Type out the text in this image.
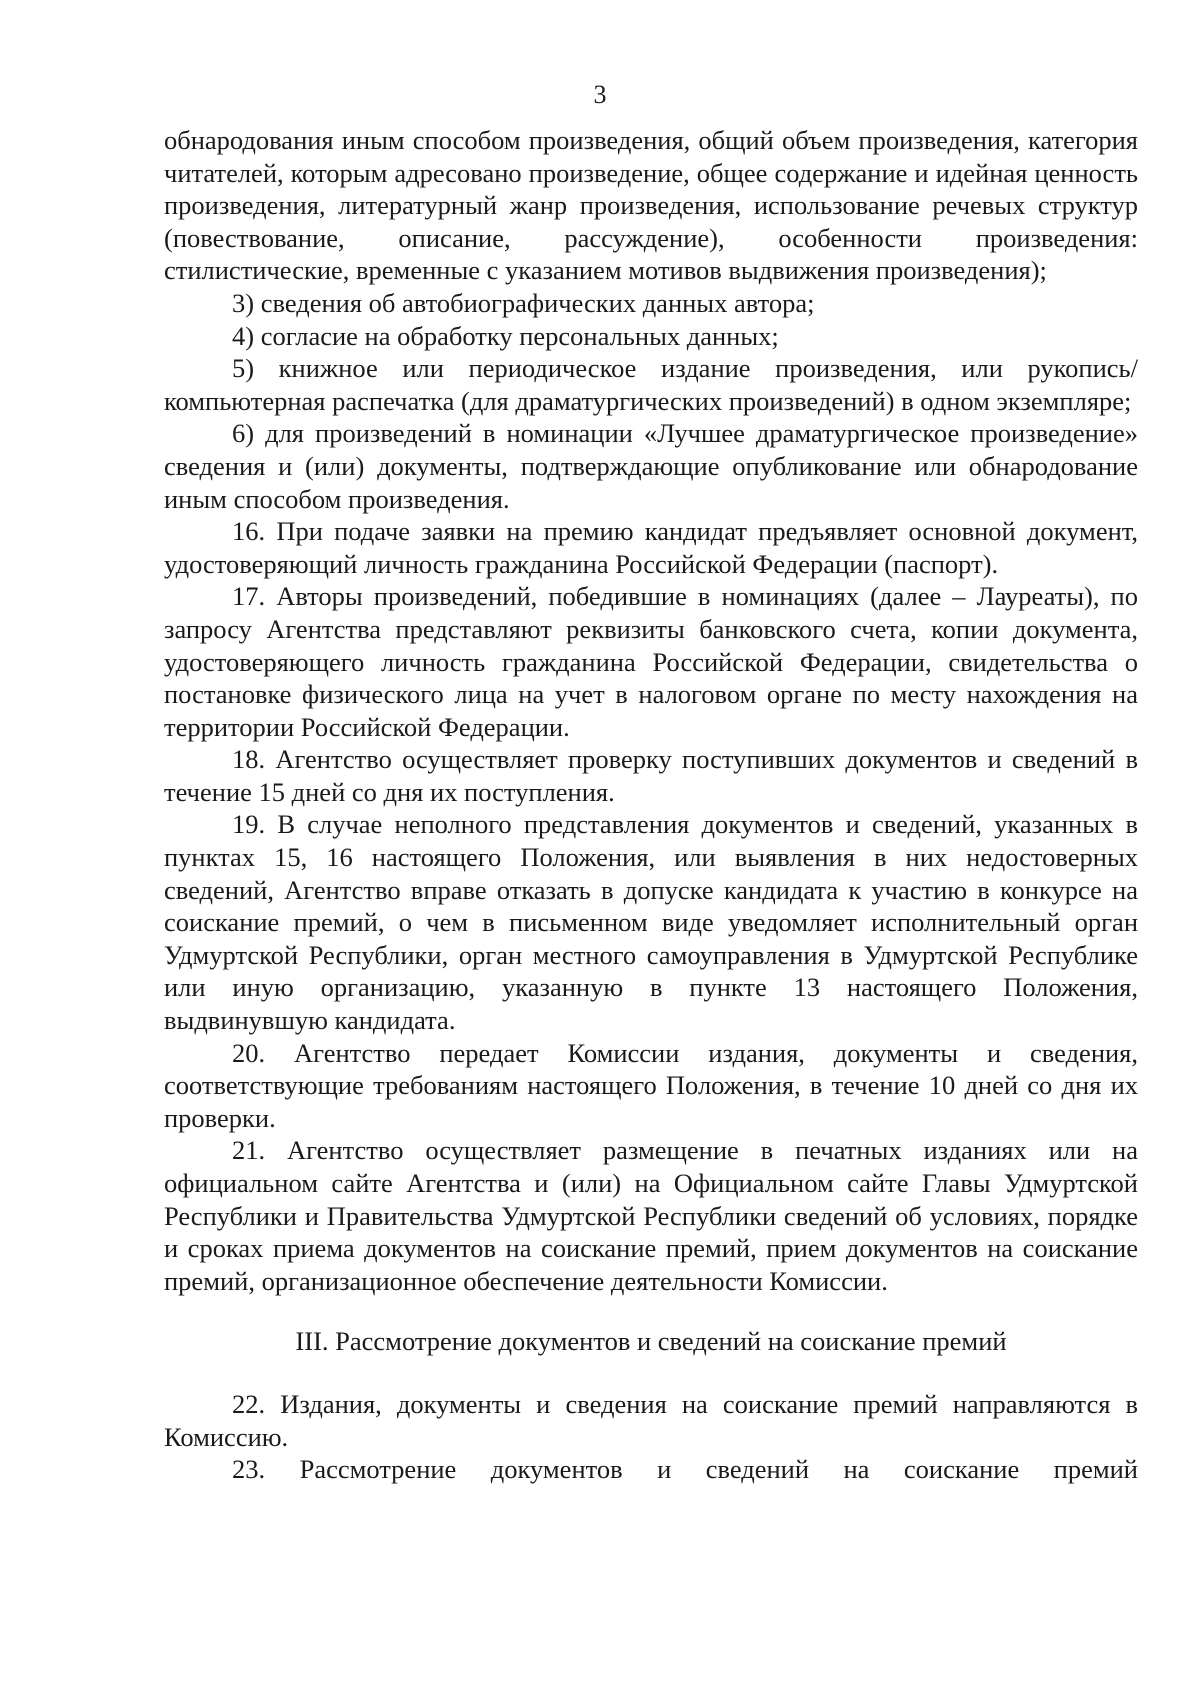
3

обнародования иным способом произведения, общий объем произведения, категория читателей, которым адресовано произведение, общее содержание и идейная ценность произведения, литературный жанр произведения, использование речевых структур (повествование, описание, рассуждение), особенности произведения: стилистические, временные с указанием мотивов выдвижения произведения);

3) сведения об автобиографических данных автора;

4) согласие на обработку персональных данных;

5) книжное или периодическое издание произведения, или рукопись/ компьютерная распечатка (для драматургических произведений) в одном экземпляре;

6) для произведений в номинации «Лучшее драматургическое произведение» сведения и (или) документы, подтверждающие опубликование или обнародование иным способом произведения.

16. При подаче заявки на премию кандидат предъявляет основной документ, удостоверяющий личность гражданина Российской Федерации (паспорт).

17. Авторы произведений, победившие в номинациях (далее – Лауреаты), по запросу Агентства представляют реквизиты банковского счета, копии документа, удостоверяющего личность гражданина Российской Федерации, свидетельства о постановке физического лица на учет в налоговом органе по месту нахождения на территории Российской Федерации.

18. Агентство осуществляет проверку поступивших документов и сведений в течение 15 дней со дня их поступления.

19. В случае неполного представления документов и сведений, указанных в пунктах 15, 16 настоящего Положения, или выявления в них недостоверных сведений, Агентство вправе отказать в допуске кандидата к участию в конкурсе на соискание премий, о чем в письменном виде уведомляет исполнительный орган Удмуртской Республики, орган местного самоуправления в Удмуртской Республике или иную организацию, указанную в пункте 13 настоящего Положения, выдвинувшую кандидата.

20. Агентство передает Комиссии издания, документы и сведения, соответствующие требованиям настоящего Положения, в течение 10 дней со дня их проверки.

21. Агентство осуществляет размещение в печатных изданиях или на официальном сайте Агентства и (или) на Официальном сайте Главы Удмуртской Республики и Правительства Удмуртской Республики сведений об условиях, порядке и сроках приема документов на соискание премий, прием документов на соискание премий, организационное обеспечение деятельности Комиссии.

III. Рассмотрение документов и сведений на соискание премий

22. Издания, документы и сведения на соискание премий направляются в Комиссию.

23. Рассмотрение документов и сведений на соискание премий
